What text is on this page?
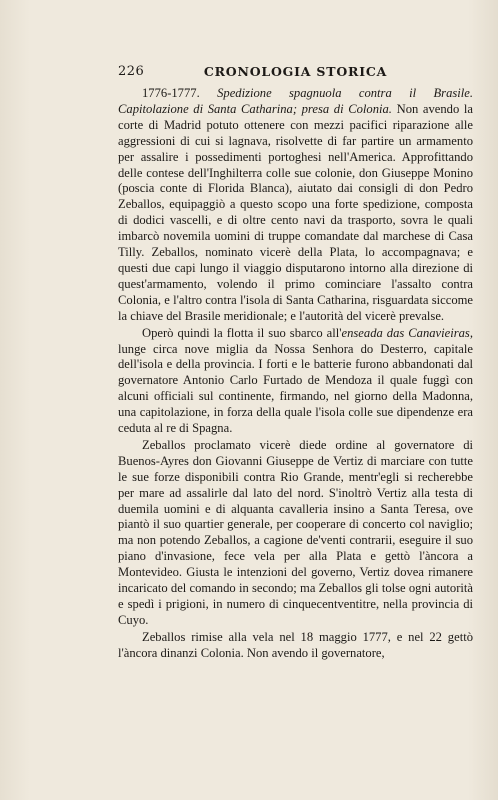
226	CRONOLOGIA STORICA

1776-1777. Spedizione spagnuola contra il Brasile. Capitolazione di Santa Catharina; presa di Colonia. Non avendo la corte di Madrid potuto ottenere con mezzi pacifici riparazione alle aggressioni di cui si lagnava, risolvette di far partire un armamento per assalire i possedimenti portoghesi nell'America. Approfittando delle contese dell'Inghilterra colle sue colonie, don Giuseppe Monino (poscia conte di Florida Blanca), aiutato dai consigli di don Pedro Zeballos, equipaggiò a questo scopo una forte spedizione, composta di dodici vascelli, e di oltre cento navi da trasporto, sovra le quali imbarcò novemila uomini di truppe comandate dal marchese di Casa Tilly. Zeballos, nominato vicerè della Plata, lo accompagnava; e questi due capi lungo il viaggio disputarono intorno alla direzione di quest'armamento, volendo il primo cominciare l'assalto contra Colonia, e l'altro contra l'isola di Santa Catharina, risguardata siccome la chiave del Brasile meridionale; e l'autorità del vicerè prevalse.

Operò quindi la flotta il suo sbarco all'enseada das Canavieiras, lunge circa nove miglia da Nossa Senhora do Desterro, capitale dell'isola e della provincia. I forti e le batterie furono abbandonati dal governatore Antonio Carlo Furtado de Mendoza il quale fuggì con alcuni officiali sul continente, firmando, nel giorno della Madonna, una capitolazione, in forza della quale l'isola colle sue dipendenze era ceduta al re di Spagna.

Zeballos proclamato vicerè diede ordine al governatore di Buenos-Ayres don Giovanni Giuseppe de Vertiz di marciare con tutte le sue forze disponibili contra Rio Grande, mentr'egli si recherebbe per mare ad assalirle dal lato del nord. S'inoltrò Vertiz alla testa di duemila uomini e di alquanta cavalleria insino a Santa Teresa, ove piantò il suo quartier generale, per cooperare di concerto col naviglio; ma non potendo Zeballos, a cagione de'venti contrarii, eseguire il suo piano d'invasione, fece vela per alla Plata e gettò l'àncora a Montevideo. Giusta le intenzioni del governo, Vertiz dovea rimanere incaricato del comando in secondo; ma Zeballos gli tolse ogni autorità e spedì i prigioni, in numero di cinquecentventitre, nella provincia di Cuyo.

Zeballos rimise alla vela nel 18 maggio 1777, e nel 22 gettò l'àncora dinanzi Colonia. Non avendo il governatore,
